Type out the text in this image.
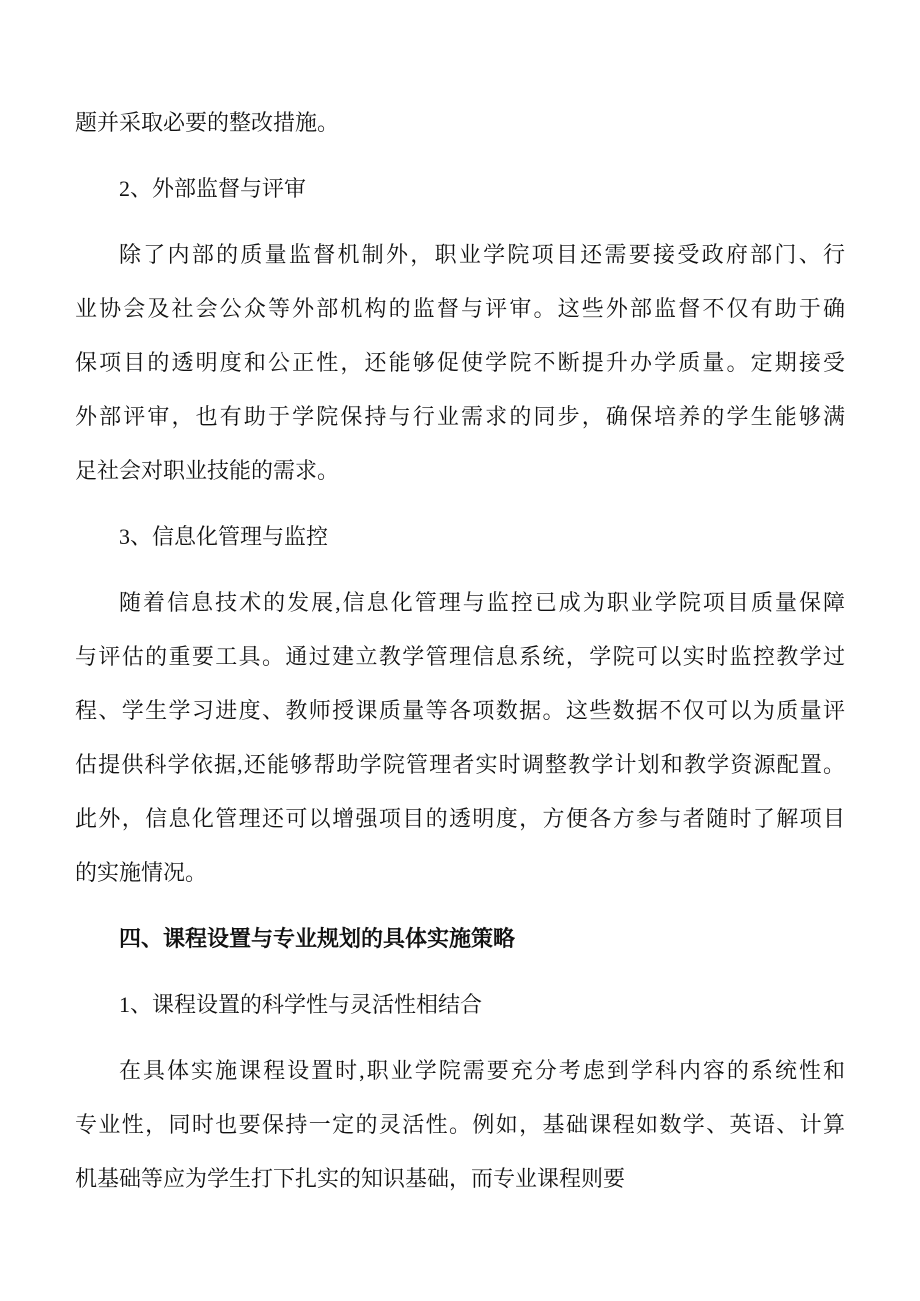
题并采取必要的整改措施。
2、外部监督与评审
除了内部的质量监督机制外，职业学院项目还需要接受政府部门、行
业协会及社会公众等外部机构的监督与评审。这些外部监督不仅有助于确
保项目的透明度和公正性，还能够促使学院不断提升办学质量。定期接受
外部评审，也有助于学院保持与行业需求的同步，确保培养的学生能够满
足社会对职业技能的需求。
3、信息化管理与监控
随着信息技术的发展,信息化管理与监控已成为职业学院项目质量保障
与评估的重要工具。通过建立教学管理信息系统，学院可以实时监控教学过
程、学生学习进度、教师授课质量等各项数据。这些数据不仅可以为质量评
估提供科学依据,还能够帮助学院管理者实时调整教学计划和教学资源配置。
此外，信息化管理还可以增强项目的透明度，方便各方参与者随时了解项目
的实施情况。
四、课程设置与专业规划的具体实施策略
1、课程设置的科学性与灵活性相结合
在具体实施课程设置时,职业学院需要充分考虑到学科内容的系统性和
专业性，同时也要保持一定的灵活性。例如，基础课程如数学、英语、计算
机基础等应为学生打下扎实的知识基础，而专业课程则要
